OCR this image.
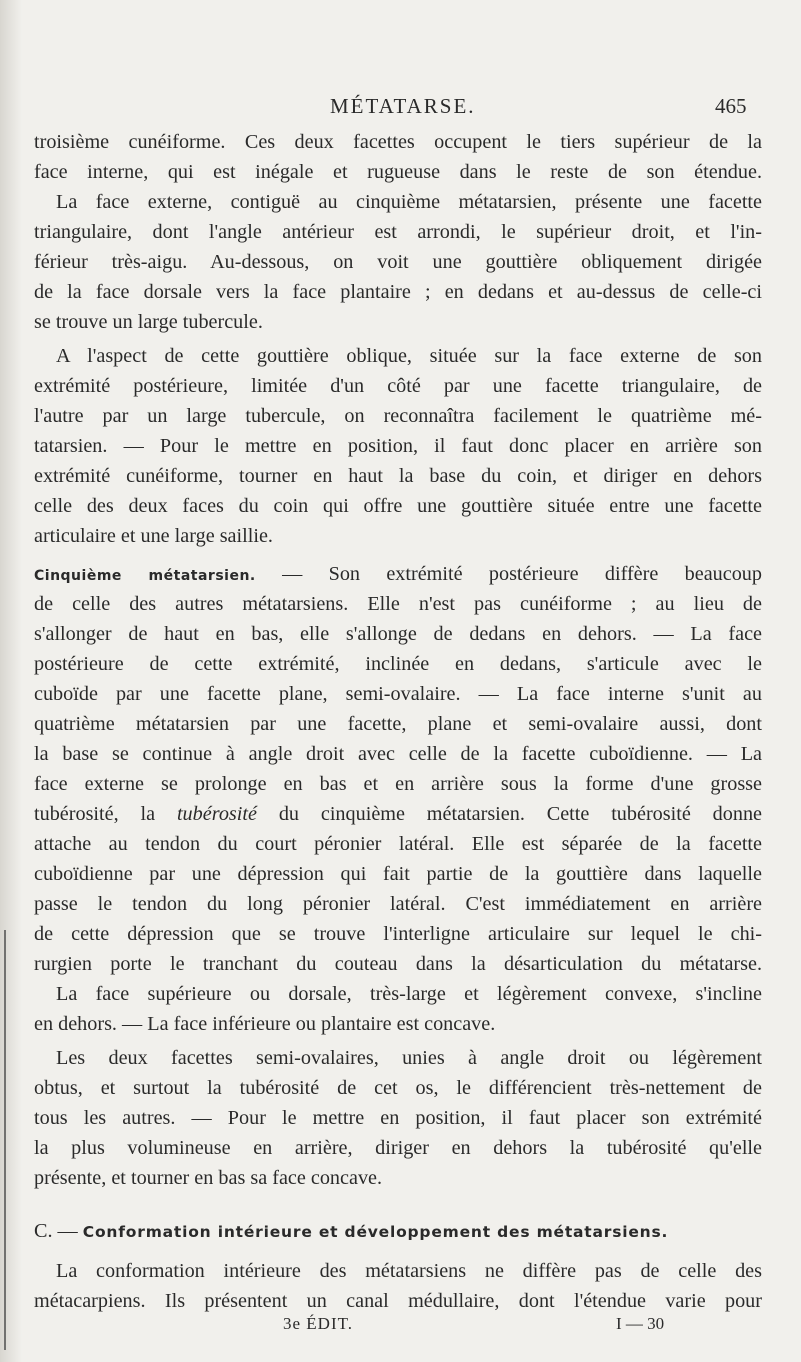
MÉTATARSE.	465
troisième cunéiforme. Ces deux facettes occupent le tiers supérieur de la
face interne, qui est inégale et rugueuse dans le reste de son étendue.
La face externe, contiguë au cinquième métatarsien, présente une facette
triangulaire, dont l'angle antérieur est arrondi, le supérieur droit, et l'in-
férieur très-aigu. Au-dessous, on voit une gouttière obliquement dirigée
de la face dorsale vers la face plantaire ; en dedans et au-dessus de celle-ci
se trouve un large tubercule.
A l'aspect de cette gouttière oblique, située sur la face externe de son
extrémité postérieure, limitée d'un côté par une facette triangulaire, de
l'autre par un large tubercule, on reconnaîtra facilement le quatrième mé-
tatarsien. — Pour le mettre en position, il faut donc placer en arrière son
extrémité cunéiforme, tourner en haut la base du coin, et diriger en dehors
celle des deux faces du coin qui offre une gouttière située entre une facette
articulaire et une large saillie.
Cinquième métatarsien. — Son extrémité postérieure diffère beaucoup
de celle des autres métatarsiens. Elle n'est pas cunéiforme ; au lieu de
s'allonger de haut en bas, elle s'allonge de dedans en dehors. — La face
postérieure de cette extrémité, inclinée en dedans, s'articule avec le
cuboïde par une facette plane, semi-ovalaire. — La face interne s'unit au
quatrième métatarsien par une facette, plane et semi-ovalaire aussi, dont
la base se continue à angle droit avec celle de la facette cuboïdienne. — La
face externe se prolonge en bas et en arrière sous la forme d'une grosse
tubérosité, la tubérosité du cinquième métatarsien. Cette tubérosité donne
attache au tendon du court péronier latéral. Elle est séparée de la facette
cuboïdienne par une dépression qui fait partie de la gouttière dans laquelle
passe le tendon du long péronier latéral. C'est immédiatement en arrière
de cette dépression que se trouve l'interligne articulaire sur lequel le chi-
rurgien porte le tranchant du couteau dans la désarticulation du métatarse.
La face supérieure ou dorsale, très-large et légèrement convexe, s'incline
en dehors. — La face inférieure ou plantaire est concave.
Les deux facettes semi-ovalaires, unies à angle droit ou légèrement
obtus, et surtout la tubérosité de cet os, le différencient très-nettement de
tous les autres. — Pour le mettre en position, il faut placer son extrémité
la plus volumineuse en arrière, diriger en dehors la tubérosité qu'elle
présente, et tourner en bas sa face concave.
C. — Conformation intérieure et développement des métatarsiens.
La conformation intérieure des métatarsiens ne diffère pas de celle des
métacarpiens. Ils présentent un canal médullaire, dont l'étendue varie pour
3e ÉDIT.	I — 30
